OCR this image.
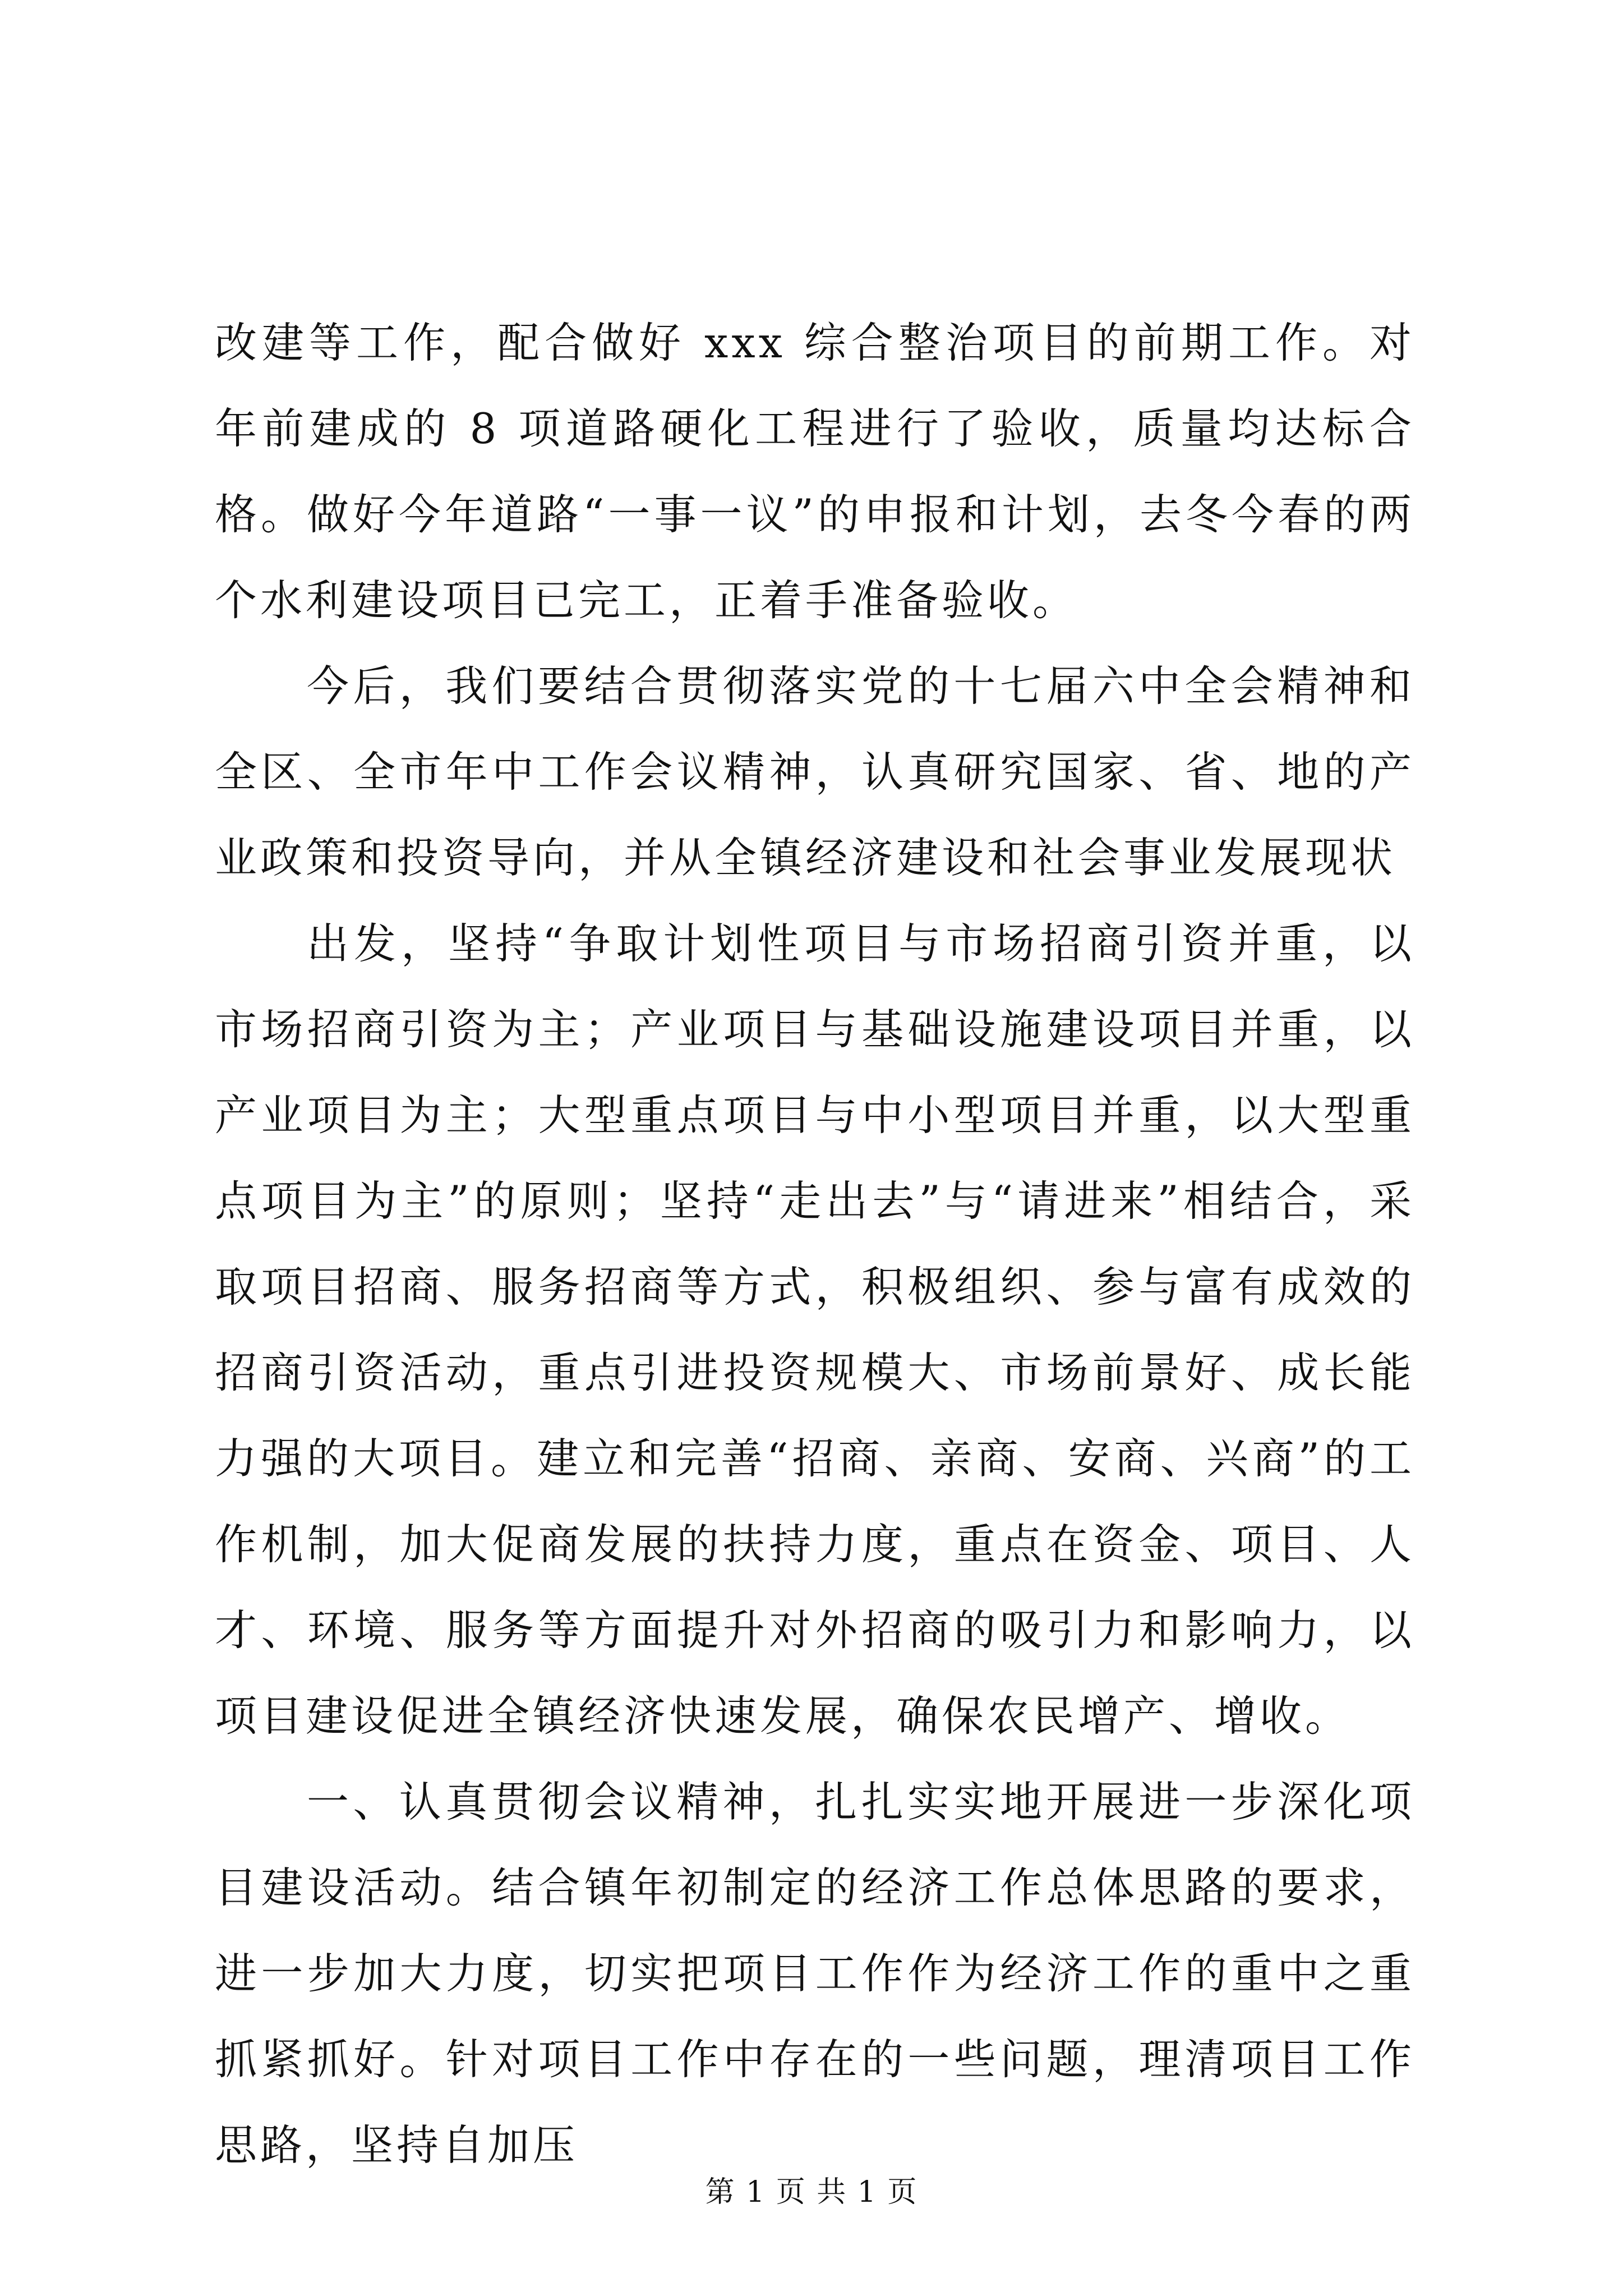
改建等工作，配合做好 xxx 综合整治项目的前期工作。对年前建成的 8 项道路硬化工程进行了验收，质量均达标合格。做好今年道路“一事一议”的申报和计划，去冬今春的两个水利建设项目已完工，正着手准备验收。

今后，我们要结合贯彻落实党的十七届六中全会精神和全区、全市年中工作会议精神，认真研究国家、省、地的产业政策和投资导向，并从全镇经济建设和社会事业发展现状

出发，坚持“争取计划性项目与市场招商引资并重，以市场招商引资为主；产业项目与基础设施建设项目并重，以产业项目为主；大型重点项目与中小型项目并重，以大型重点项目为主”的原则；坚持“走出去”与“请进来”相结合，采取项目招商、服务招商等方式，积极组织、参与富有成效的招商引资活动，重点引进投资规模大、市场前景好、成长能力强的大项目。建立和完善“招商、亲商、安商、兴商”的工作机制，加大促商发展的扶持力度，重点在资金、项目、人才、环境、服务等方面提升对外招商的吸引力和影响力，以项目建设促进全镇经济快速发展，确保农民增产、增收。

一、认真贯彻会议精神，扎扎实实地开展进一步深化项目建设活动。结合镇年初制定的经济工作总体思路的要求，进一步加大力度，切实把项目工作作为经济工作的重中之重抓紧抓好。针对项目工作中存在的一些问题，理清项目工作思路，坚持自加压

第 1 页 共 1 页
